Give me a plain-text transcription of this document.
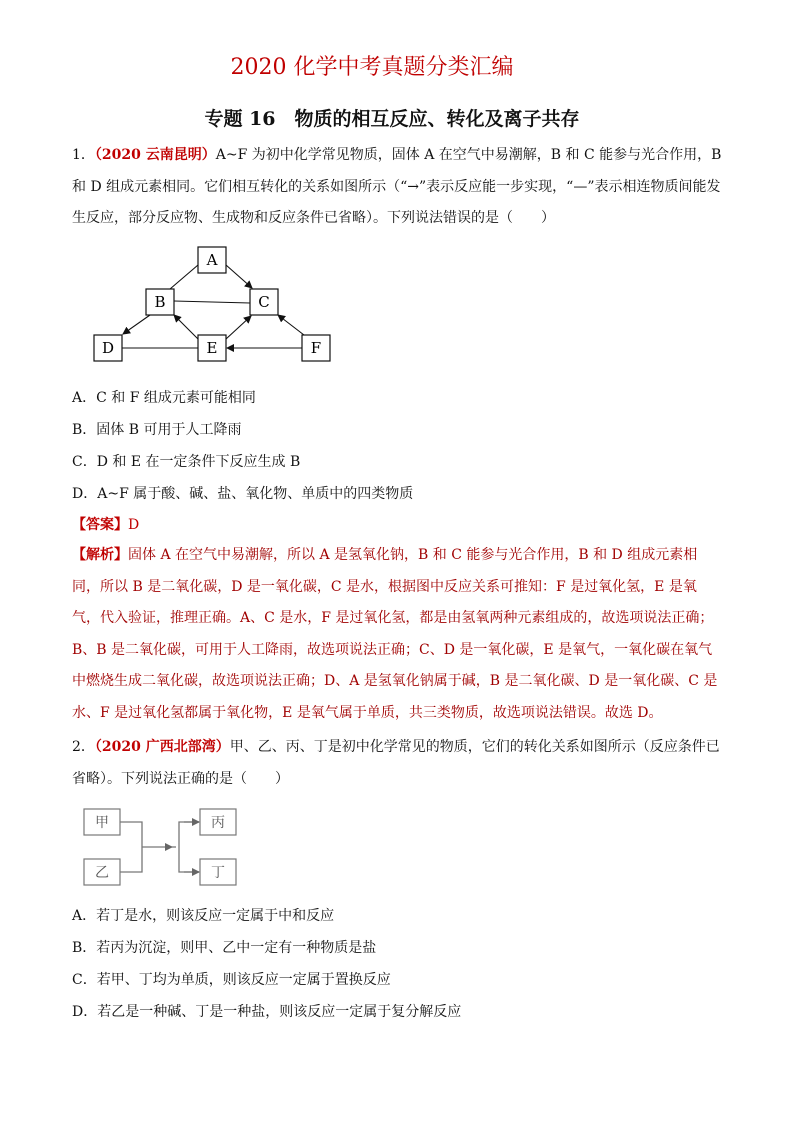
2020 化学中考真题分类汇编
专题 16　物质的相互反应、转化及离子共存
1．（2020 云南昆明）A~F 为初中化学常见物质，固体 A 在空气中易潮解，B 和 C 能参与光合作用，B 和 D 组成元素相同。它们相互转化的关系如图所示（“→”表示反应能一步实现，“—”表示相连物质间能发生反应，部分反应物、生成物和反应条件已省略）。下列说法错误的是（　　）
A
B	C
D	E	F
A．C 和 F 组成元素可能相同
B．固体 B 可用于人工降雨
C．D 和 E 在一定条件下反应生成 B
D．A~F 属于酸、碱、盐、氧化物、单质中的四类物质
【答案】D
【解析】固体 A 在空气中易潮解，所以 A 是氢氧化钠，B 和 C 能参与光合作用，B 和 D 组成元素相同，所以 B 是二氧化碳，D 是一氧化碳，C 是水，根据图中反应关系可推知：F 是过氧化氢，E 是氧气，代入验证，推理正确。A、C 是水，F 是过氧化氢，都是由氢氧两种元素组成的，故选项说法正确；B、B 是二氧化碳，可用于人工降雨，故选项说法正确；C、D 是一氧化碳，E 是氧气，一氧化碳在氧气中燃烧生成二氧化碳，故选项说法正确；D、A 是氢氧化钠属于碱，B 是二氧化碳、D 是一氧化碳、C 是水、F 是过氧化氢都属于氧化物，E 是氧气属于单质，共三类物质，故选项说法错误。故选 D。
2．（2020 广西北部湾）甲、乙、丙、丁是初中化学常见的物质，它们的转化关系如图所示（反应条件已省略）。下列说法正确的是（　　）
甲
乙
丙
丁
A．若丁是水，则该反应一定属于中和反应
B．若丙为沉淀，则甲、乙中一定有一种物质是盐
C．若甲、丁均为单质，则该反应一定属于置换反应
D．若乙是一种碱、丁是一种盐，则该反应一定属于复分解反应
